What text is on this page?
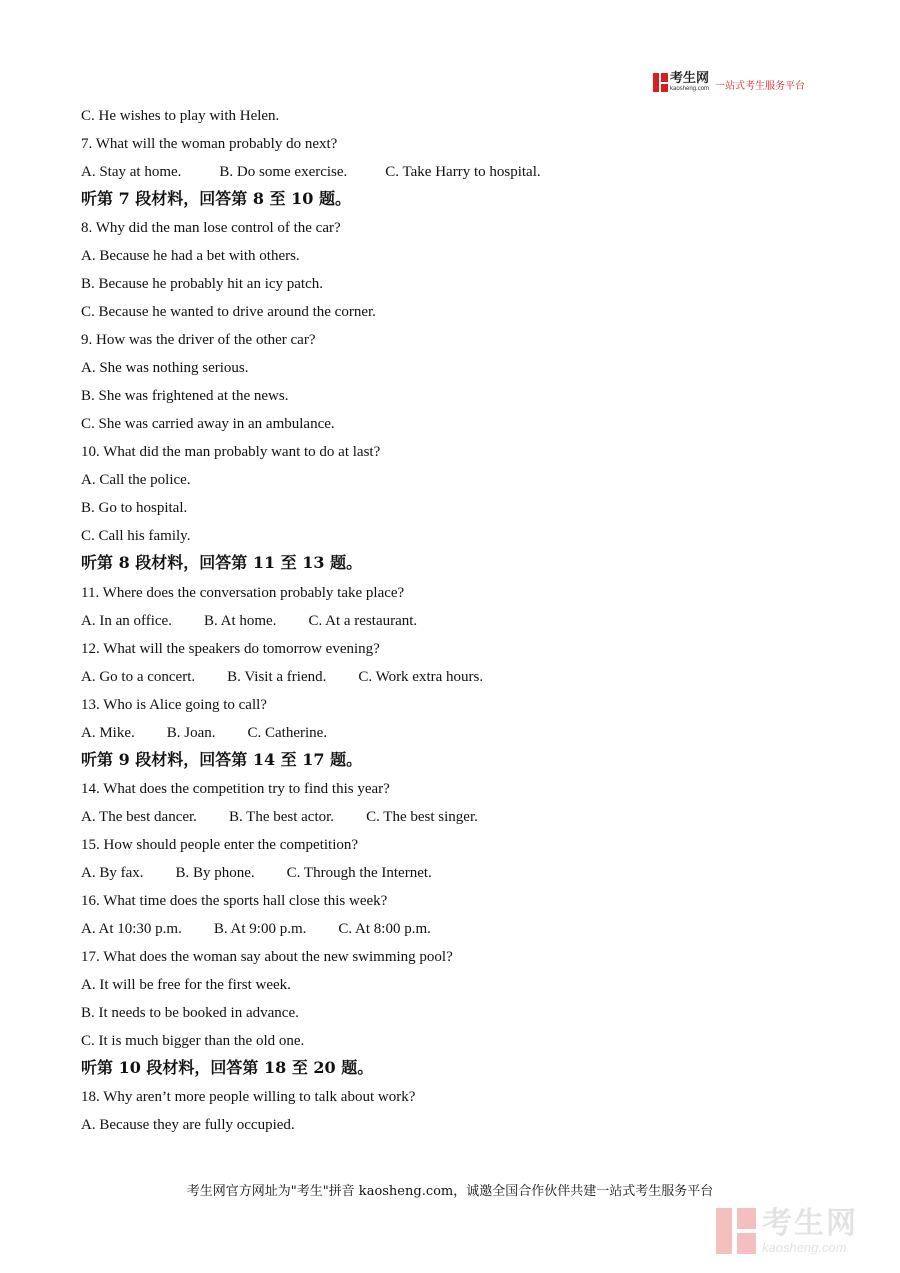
考生网
kaosheng.com 一站式考生服务平台
C. He wishes to play with Helen.
7. What will the woman probably do next?
A. Stay at home.	B. Do some exercise.	C. Take Harry to hospital.
听第 7 段材料，回答第 8 至 10 题。
8. Why did the man lose control of the car?
A. Because he had a bet with others.
B. Because he probably hit an icy patch.
C. Because he wanted to drive around the corner.
9. How was the driver of the other car?
A. She was nothing serious.
B. She was frightened at the news.
C. She was carried away in an ambulance.
10. What did the man probably want to do at last?
A. Call the police.
B. Go to hospital.
C. Call his family.
听第 8 段材料，回答第 11 至 13 题。
11. Where does the conversation probably take place?
A. In an office. B. At home. C. At a restaurant.
12. What will the speakers do tomorrow evening?
A. Go to a concert. B. Visit a friend. C. Work extra hours.
13. Who is Alice going to call?
A. Mike. B. Joan. C. Catherine.
听第 9 段材料，回答第 14 至 17 题。
14. What does the competition try to find this year?
A. The best dancer. B. The best actor. C. The best singer.
15. How should people enter the competition?
A. By fax. B. By phone. C. Through the Internet.
16. What time does the sports hall close this week?
A. At 10:30 p.m. B. At 9:00 p.m. C. At 8:00 p.m.
17. What does the woman say about the new swimming pool?
A. It will be free for the first week.
B. It needs to be booked in advance.
C. It is much bigger than the old one.
听第 10 段材料，回答第 18 至 20 题。
18. Why aren’t more people willing to talk about work?
A. Because they are fully occupied.
考生网官方网址为"考生"拼音 kaosheng.com，诚邀全国合作伙伴共建一站式考生服务平台
考生网
kaosheng.com
